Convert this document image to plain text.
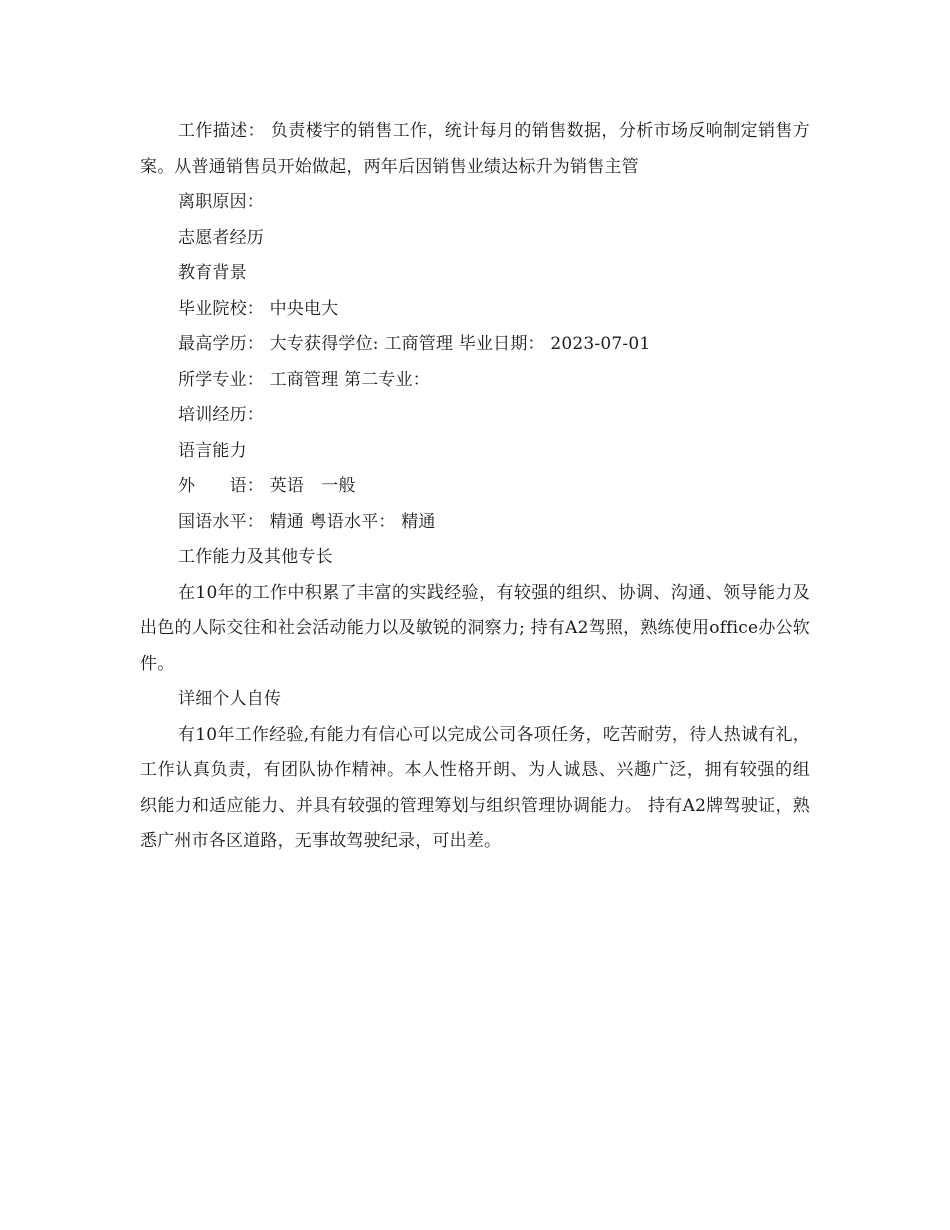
工作描述： 负责楼宇的销售工作，统计每月的销售数据，分析市场反响制定销售方案。从普通销售员开始做起，两年后因销售业绩达标升为销售主管

离职原因：

志愿者经历

教育背景

毕业院校： 中央电大

最高学历： 大专获得学位: 工商管理 毕业日期： 2023-07-01

所学专业： 工商管理 第二专业：

培训经历：

语言能力

外　　语： 英语　一般

国语水平： 精通 粤语水平： 精通

工作能力及其他专长

在10年的工作中积累了丰富的实践经验，有较强的组织、协调、沟通、领导能力及出色的人际交往和社会活动能力以及敏锐的洞察力; 持有A2驾照，熟练使用office办公软件。

详细个人自传

有10年工作经验,有能力有信心可以完成公司各项任务，吃苦耐劳，待人热诚有礼，工作认真负责，有团队协作精神。本人性格开朗、为人诚恳、兴趣广泛，拥有较强的组织能力和适应能力、并具有较强的管理筹划与组织管理协调能力。 持有A2牌驾驶证，熟悉广州市各区道路，无事故驾驶纪录，可出差。
